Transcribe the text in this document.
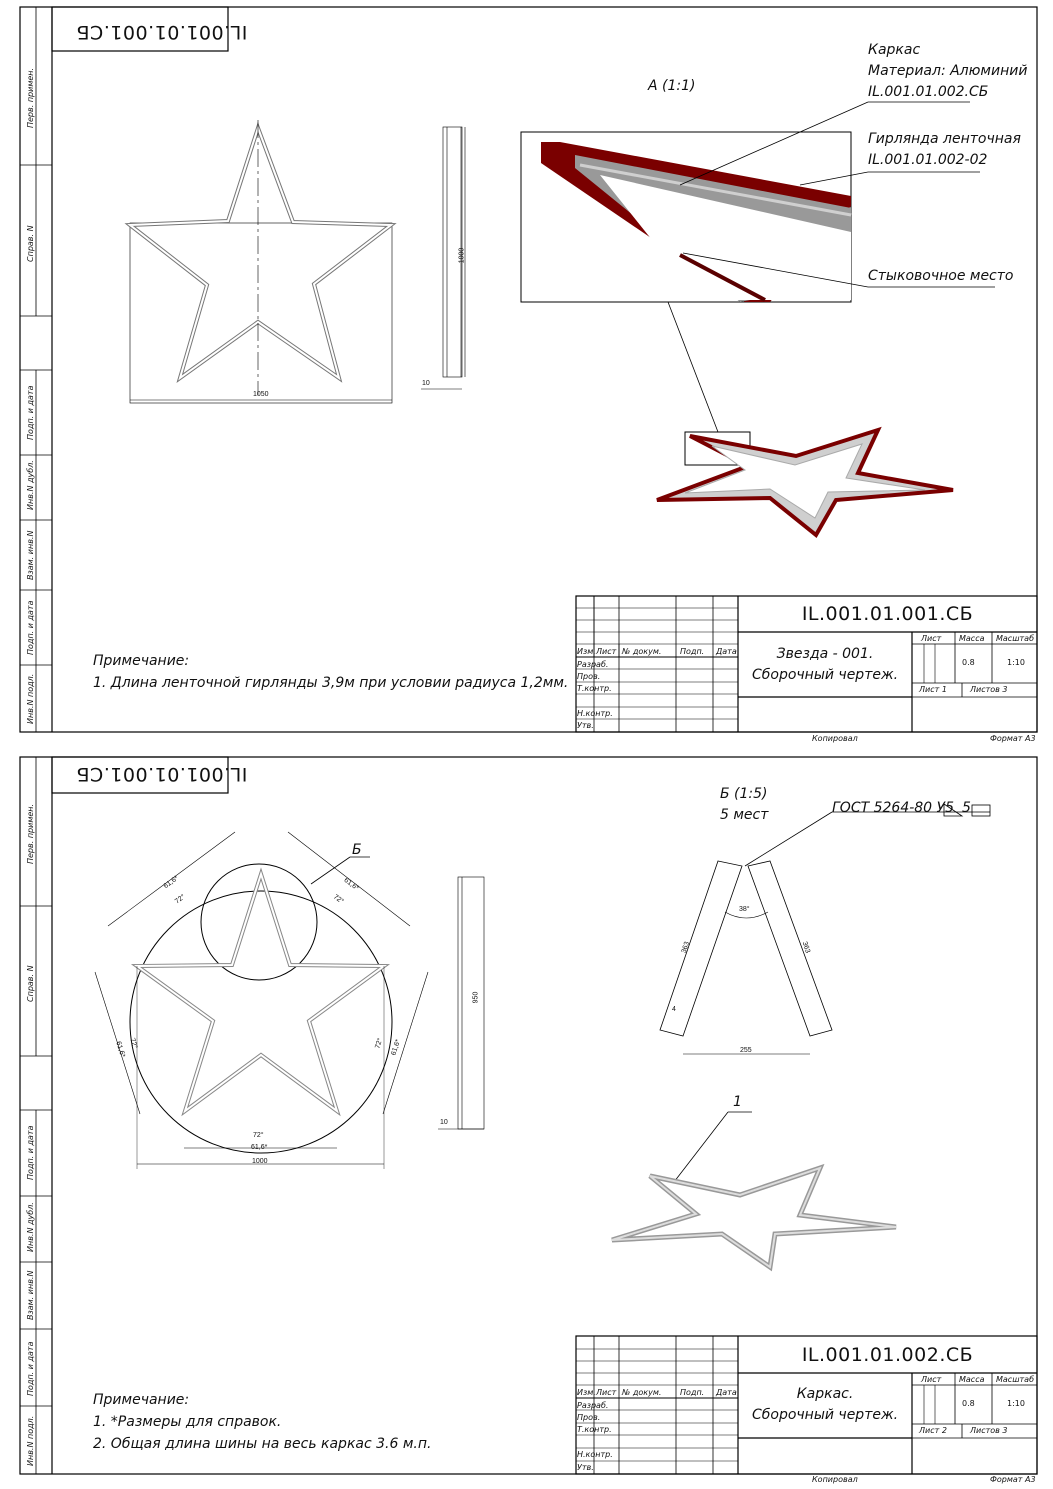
IL.001.01.001.СБ
Перв. примен.
Справ. N
Подп. и дата
Инв.N дубл.
Взам. инв.N
Подп. и дата
Инв.N подл.
1050
1000
10
А (1:1)
Каркас
Материал: Алюминий
IL.001.01.002.СБ
Гирлянда ленточная
IL.001.01.002-02
Стыковочное место
Примечание:
1. Длина ленточной гирлянды 3,9м при условии радиуса 1,2мм.
IL.001.01.001.СБ
Звезда - 001.
Сборочный чертеж.
Лист Масса Масштаб
0.8	1:10
Лист 1	Листов 3
Изм. Лист № докум. Подп. Дата
Разраб.
Пров.
Т.контр.
Н.контр.
Утв.
Копировал	Формат А3
IL.001.01.001.СБ
Перв. примен.
Справ. N
Подп. и дата
Инв.N дубл.
Взам. инв.N
Подп. и дата
Инв.N подл.
61,6*
72°
61,6*
72°
61,6* 72°	61,6*
72°
72°
61,6*
1000
950
10
Б
Б (1:5)
5 мест	ГОСТ 5264-80 У5 5
38°
363	363
255
4
1
Примечание:
1. *Размеры для справок.
2. Общая длина шины на весь каркас 3.6 м.п.
IL.001.01.002.СБ
Каркас.
Сборочный чертеж.
Лист Масса Масштаб
0.8	1:10
Лист 2	Листов 3
Изм. Лист № докум. Подп. Дата
Разраб.
Пров.
Т.контр.
Н.контр.
Утв.
Копировал	Формат А3
